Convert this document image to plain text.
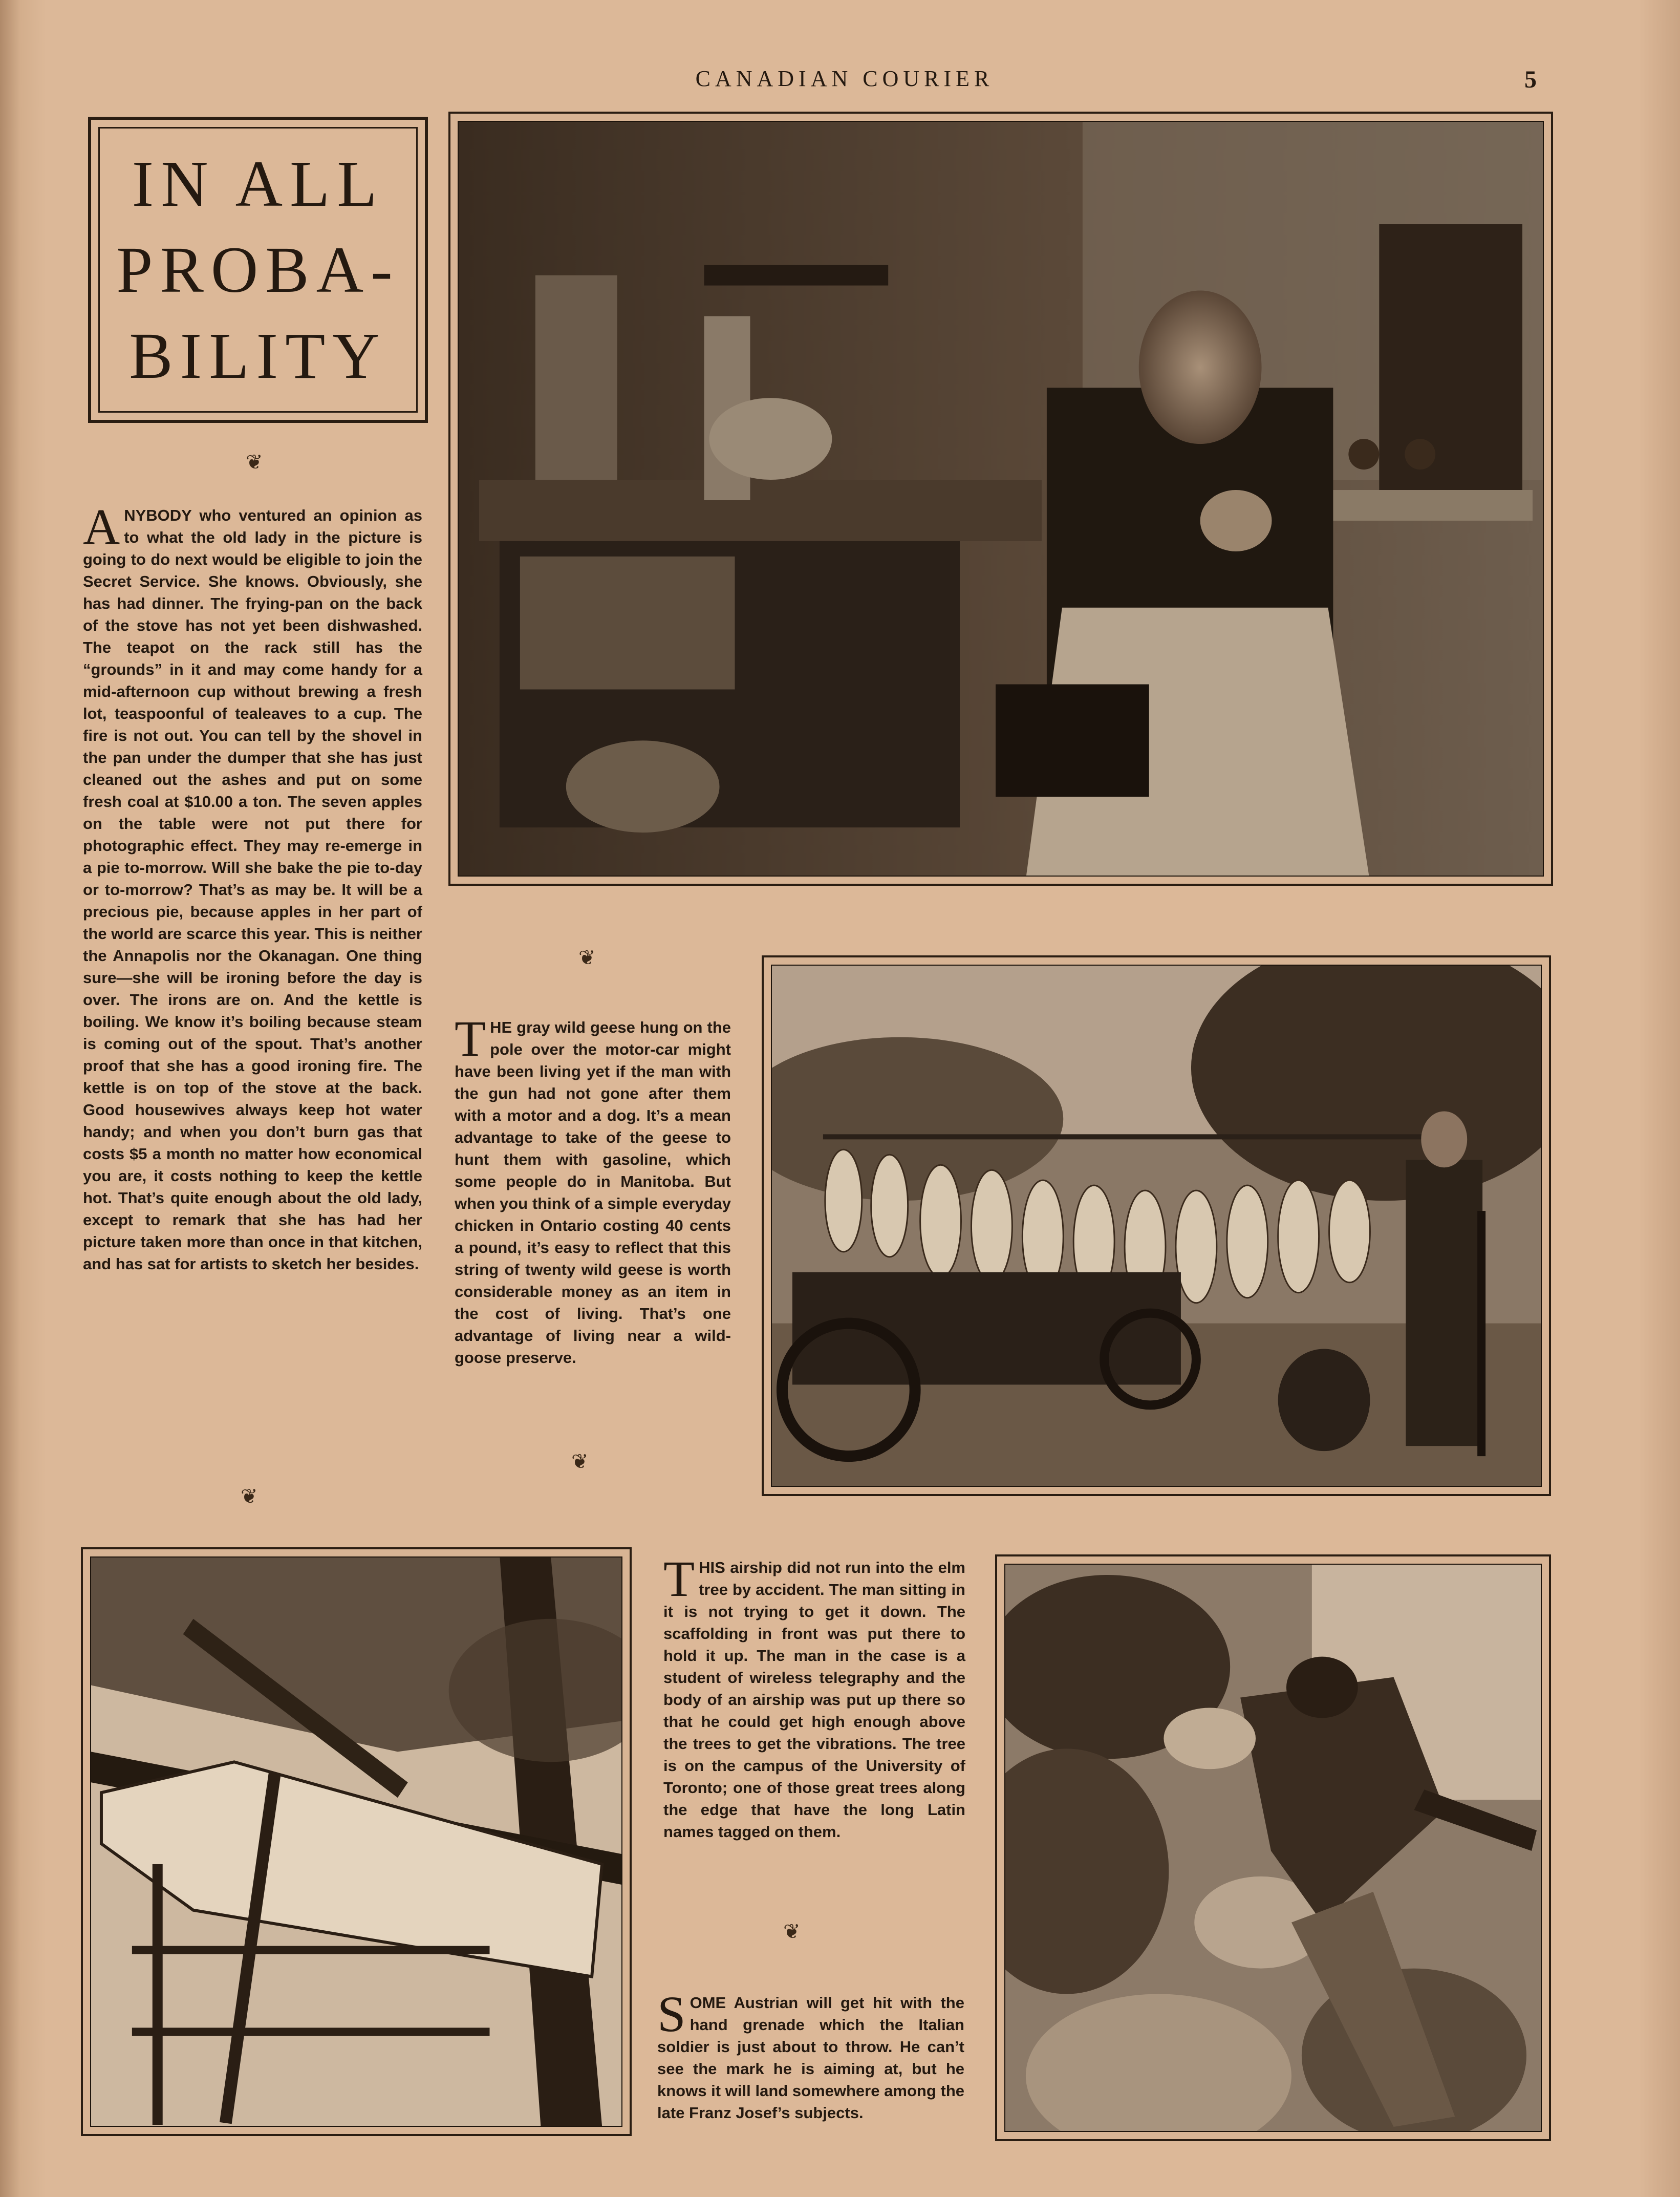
CANADIAN COURIER	5
IN ALL
PROBA-
BILITY
❦
❦
❦
❦
❦

ANYBODY who ventured an opinion as to what the old lady in the picture is going to do next would be eligible to join the Secret Service. She knows. Obviously, she has had dinner. The frying-pan on the back of the stove has not yet been dishwashed. The teapot on the rack still has the “grounds” in it and may come handy for a mid-afternoon cup without brewing a fresh lot, teaspoonful of tealeaves to a cup. The fire is not out. You can tell by the shovel in the pan under the dumper that she has just cleaned out the ashes and put on some fresh coal at $10.00 a ton. The seven apples on the table were not put there for photographic effect. They may re-emerge in a pie to-morrow. Will she bake the pie to-day or to-morrow? That’s as may be. It will be a precious pie, because apples in her part of the world are scarce this year. This is neither the Annapolis nor the Okanagan. One thing sure—she will be ironing before the day is over. The irons are on. And the kettle is boiling. We know it’s boiling because steam is coming out of the spout. That’s another proof that she has a good ironing fire. The kettle is on top of the stove at the back. Good housewives always keep hot water handy; and when you don’t burn gas that costs $5 a month no matter how economical you are, it costs nothing to keep the kettle hot. That’s quite enough about the old lady, except to remark that she has had her picture taken more than once in that kitchen, and has sat for artists to sketch her besides.

THE gray wild geese hung on the pole over the motor-car might have been living yet if the man with the gun had not gone after them with a motor and a dog. It’s a mean advantage to take of the geese to hunt them with gasoline, which some people do in Manitoba. But when you think of a simple everyday chicken in Ontario costing 40 cents a pound, it’s easy to reflect that this string of twenty wild geese is worth considerable money as an item in the cost of living. That’s one advantage of living near a wild-goose preserve.

THIS airship did not run into the elm tree by accident. The man sitting in it is not trying to get it down. The scaffolding in front was put there to hold it up. The man in the case is a student of wireless telegraphy and the body of an airship was put up there so that he could get high enough above the trees to get the vibrations. The tree is on the campus of the University of Toronto; one of those great trees along the edge that have the long Latin names tagged on them.

SOME Austrian will get hit with the hand grenade which the Italian soldier is just about to throw. He can’t see the mark he is aiming at, but he knows it will land somewhere among the late Franz Josef’s subjects.
